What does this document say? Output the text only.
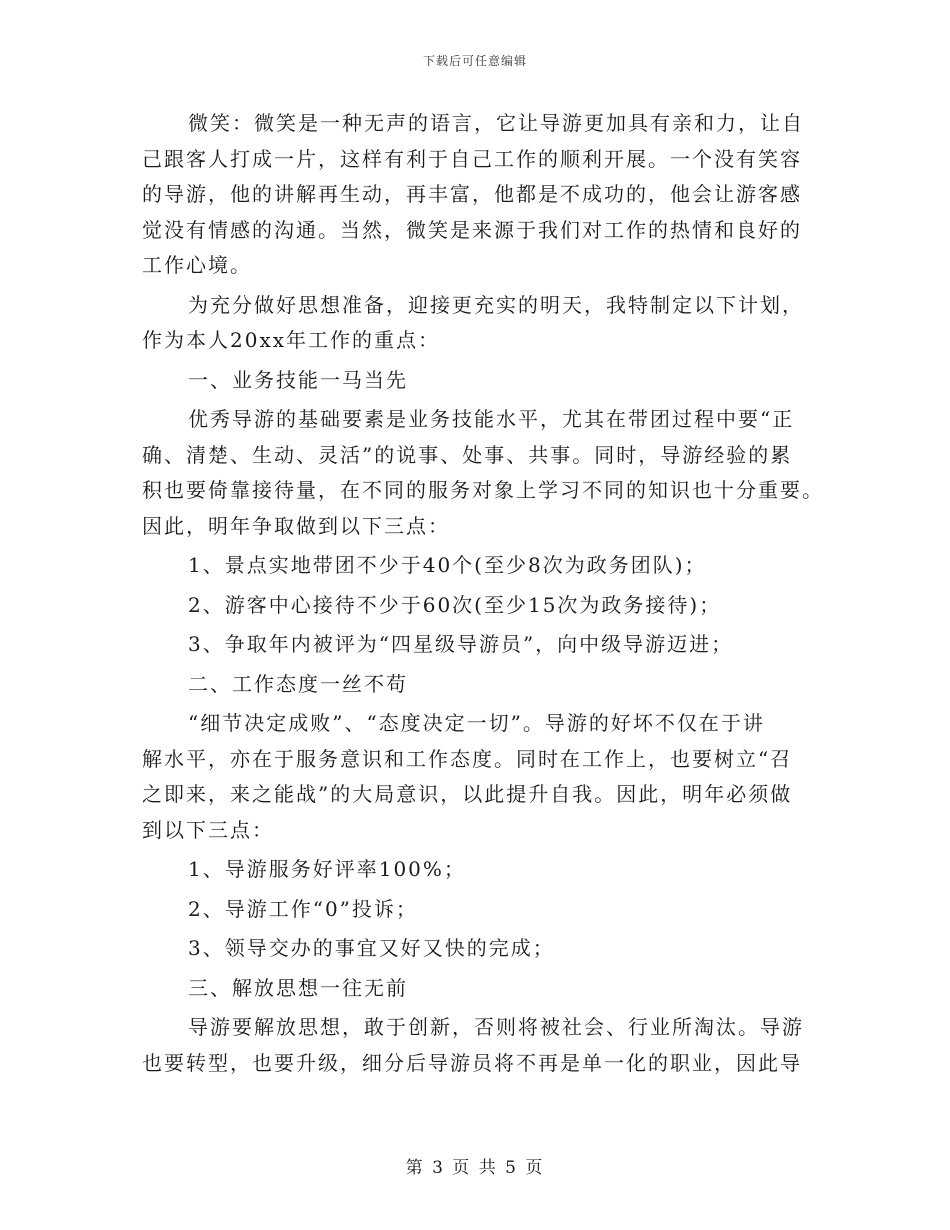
下载后可任意编辑
微笑：微笑是一种无声的语言，它让导游更加具有亲和力，让自
己跟客人打成一片，这样有利于自己工作的顺利开展。一个没有笑容
的导游，他的讲解再生动，再丰富，他都是不成功的，他会让游客感
觉没有情感的沟通。当然，微笑是来源于我们对工作的热情和良好的
工作心境。
为充分做好思想准备，迎接更充实的明天，我特制定以下计划，
作为本人20xx年工作的重点：
一、业务技能一马当先
优秀导游的基础要素是业务技能水平，尤其在带团过程中要“正
确、清楚、生动、灵活”的说事、处事、共事。同时，导游经验的累
积也要倚靠接待量，在不同的服务对象上学习不同的知识也十分重要。
因此，明年争取做到以下三点：
1、景点实地带团不少于40个(至少8次为政务团队)；
2、游客中心接待不少于60次(至少15次为政务接待)；
3、争取年内被评为“四星级导游员”，向中级导游迈进；
二、工作态度一丝不苟
“细节决定成败”、“态度决定一切”。导游的好坏不仅在于讲
解水平，亦在于服务意识和工作态度。同时在工作上，也要树立“召
之即来，来之能战”的大局意识，以此提升自我。因此，明年必须做
到以下三点：
1、导游服务好评率100%；
2、导游工作“0”投诉；
3、领导交办的事宜又好又快的完成；
三、解放思想一往无前
导游要解放思想，敢于创新，否则将被社会、行业所淘汰。导游
也要转型，也要升级，细分后导游员将不再是单一化的职业，因此导
第 3 页 共 5 页
